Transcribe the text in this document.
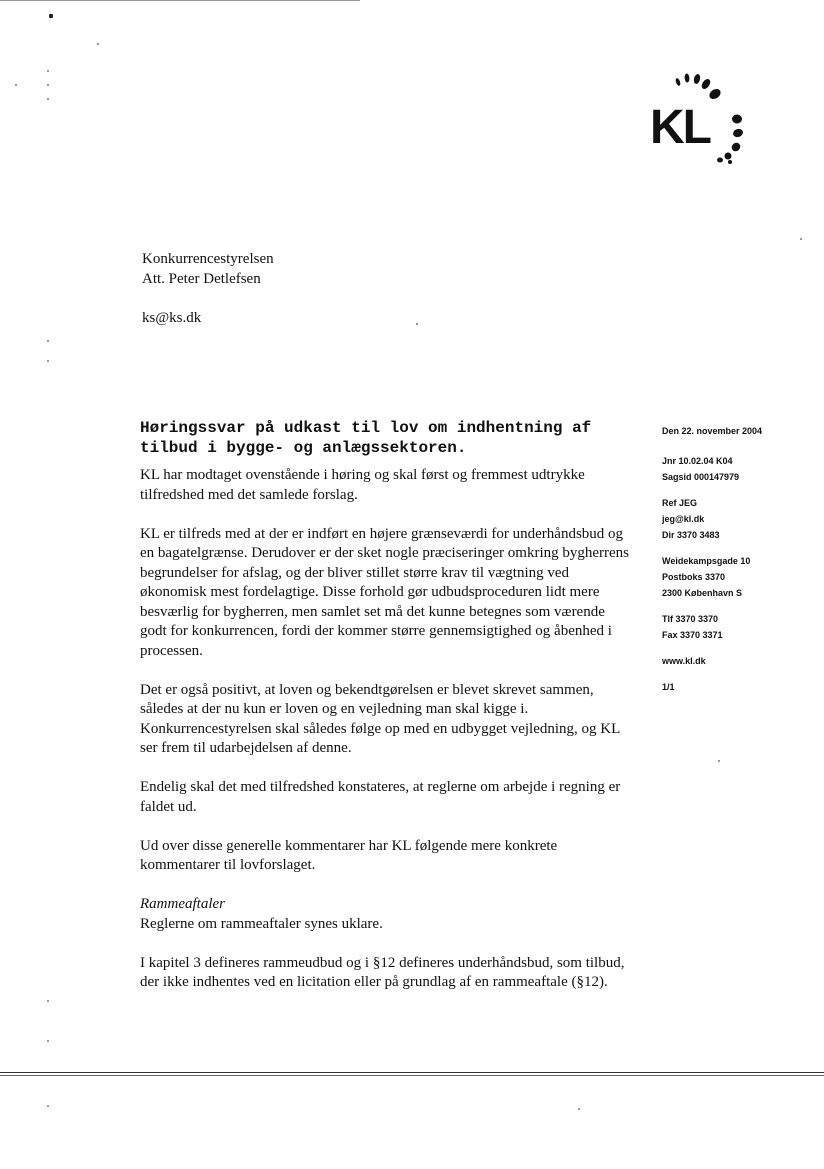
KL
Konkurrencestyrelsen
Att. Peter Detlefsen
ks@ks.dk
Høringssvar på udkast til lov om indhentning af tilbud i bygge- og anlægssektoren.

KL har modtaget ovenstående i høring og skal først og fremmest udtrykke tilfredshed med det samlede forslag.

KL er tilfreds med at der er indført en højere grænseværdi for underhåndsbud og en bagatelgrænse. Derudover er der sket nogle præciseringer omkring bygherrens begrundelser for afslag, og der bliver stillet større krav til vægtning ved økonomisk mest fordelagtige. Disse forhold gør udbudsproceduren lidt mere besværlig for bygherren, men samlet set må det kunne betegnes som værende godt for konkurrencen, fordi der kommer større gennemsigtighed og åbenhed i processen.

Det er også positivt, at loven og bekendtgørelsen er blevet skrevet sammen, således at der nu kun er loven og en vejledning man skal kigge i. Konkurrencestyrelsen skal således følge op med en udbygget vejledning, og KL ser frem til udarbejdelsen af denne.

Endelig skal det med tilfredshed konstateres, at reglerne om arbejde i regning er faldet ud.

Ud over disse generelle kommentarer har KL følgende mere konkrete kommentarer til lovforslaget.

Rammeaftaler

Reglerne om rammeaftaler synes uklare.

I kapitel 3 defineres rammeudbud og i §12 defineres underhåndsbud, som tilbud, der ikke indhentes ved en licitation eller på grundlag af en rammeaftale (§12).

Den 22. november 2004
Jnr 10.02.04 K04
Sagsid 000147979
Ref JEG
jeg@kl.dk
Dir 3370 3483
Weidekampsgade 10
Postboks 3370
2300 København S
Tlf 3370 3370
Fax 3370 3371
www.kl.dk
1/1
